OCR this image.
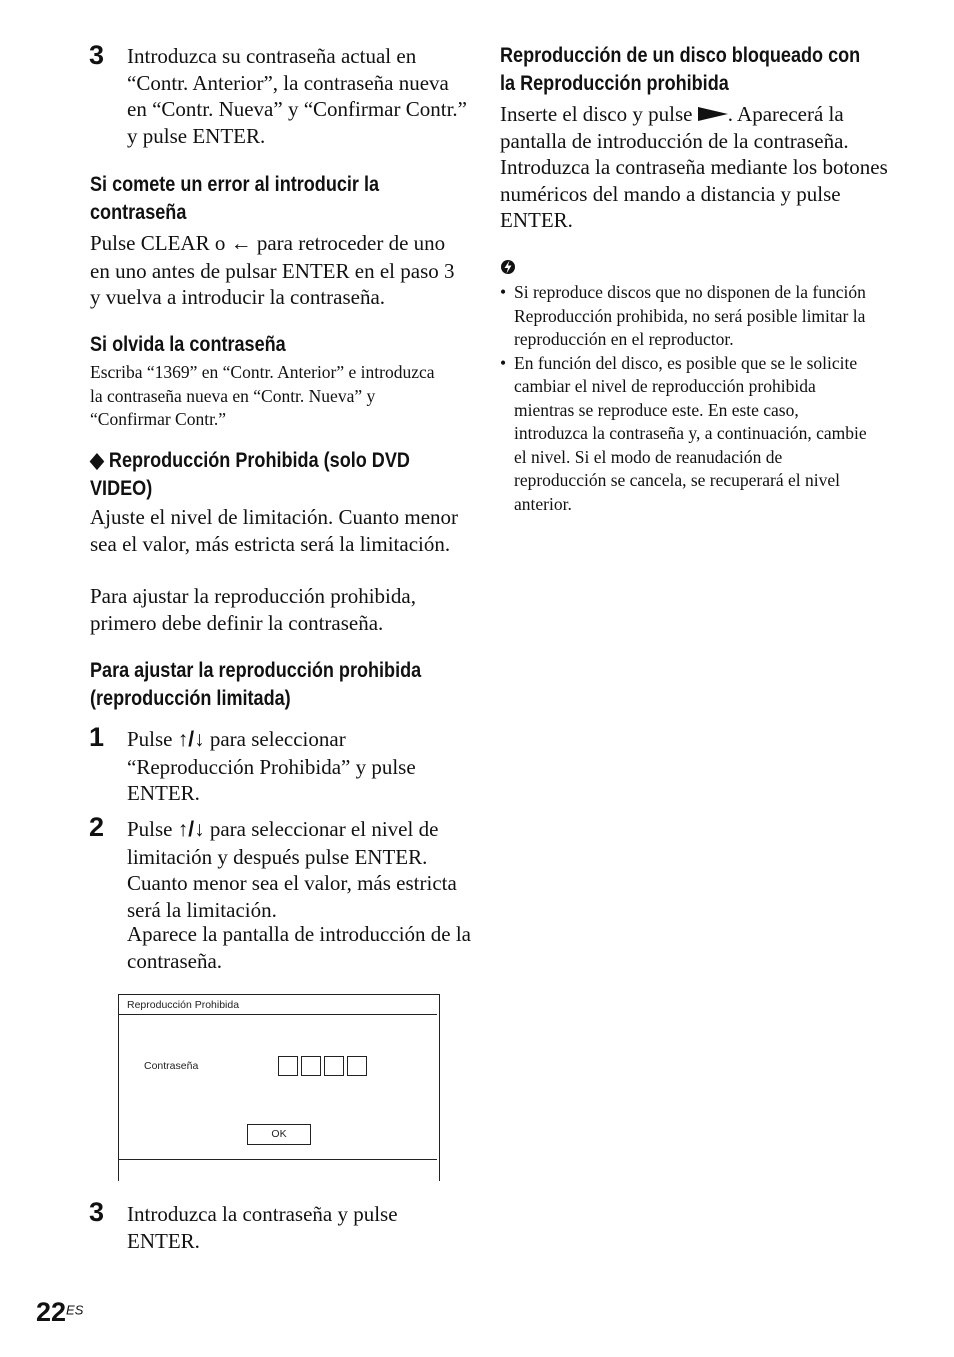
3 Introduzca su contraseña actual en “Contr. Anterior”, la contraseña nueva en “Contr. Nueva” y “Confirmar Contr.” y pulse ENTER.

Si comete un error al introducir la contraseña

Pulse CLEAR o ← para retroceder de uno en uno antes de pulsar ENTER en el paso 3 y vuelva a introducir la contraseña.

Si olvida la contraseña

Escriba “1369” en “Contr. Anterior” e introduzca la contraseña nueva en “Contr. Nueva” y “Confirmar Contr.”

◆ Reproducción Prohibida (solo DVD VIDEO)

Ajuste el nivel de limitación. Cuanto menor sea el valor, más estricta será la limitación.

Para ajustar la reproducción prohibida, primero debe definir la contraseña.

Para ajustar la reproducción prohibida (reproducción limitada)

1 Pulse ↑/↓ para seleccionar “Reproducción Prohibida” y pulse ENTER.

2 Pulse ↑/↓ para seleccionar el nivel de limitación y después pulse ENTER. Cuanto menor sea el valor, más estricta será la limitación.

Aparece la pantalla de introducción de la contraseña.

Reproducción Prohibida
Contraseña
OK
3 Introduzca la contraseña y pulse ENTER.

Reproducción de un disco bloqueado con la Reproducción prohibida

Inserte el disco y pulse . Aparecerá la pantalla de introducción de la contraseña. Introduzca la contraseña mediante los botones numéricos del mando a distancia y pulse ENTER.

• Si reproduce discos que no disponen de la función Reproducción prohibida, no será posible limitar la reproducción en el reproductor.
• En función del disco, es posible que se le solicite cambiar el nivel de reproducción prohibida mientras se reproduce este. En este caso, introduzca la contraseña y, a continuación, cambie el nivel. Si el modo de reanudación de reproducción se cancela, se recuperará el nivel anterior.
$22^{ES}$
